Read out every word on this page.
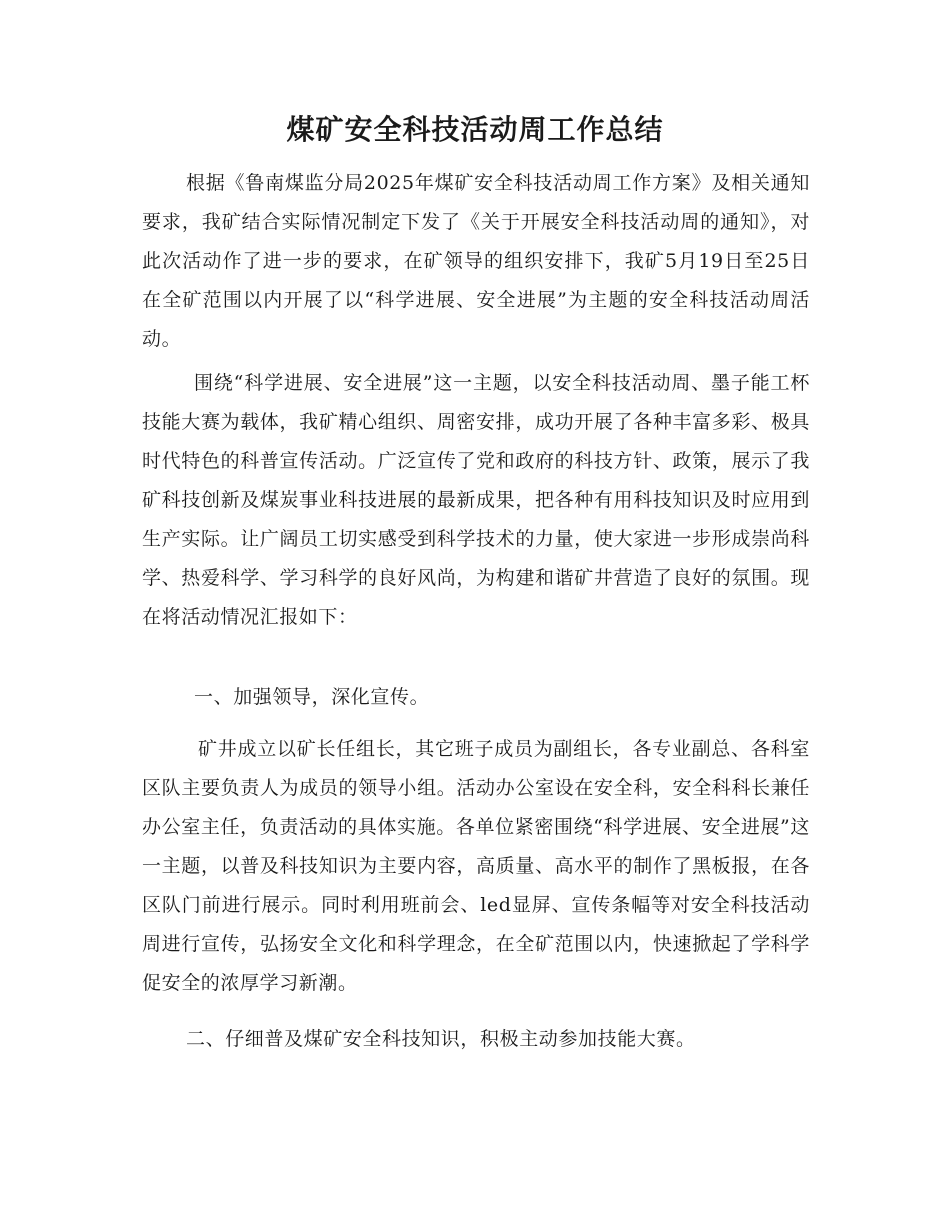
煤矿安全科技活动周工作总结

根据《鲁南煤监分局2025年煤矿安全科技活动周工作方案》及相关通知要求，我矿结合实际情况制定下发了《关于开展安全科技活动周的通知》，对此次活动作了进一步的要求，在矿领导的组织安排下，我矿5月19日至25日在全矿范围以内开展了以“科学进展、安全进展”为主题的安全科技活动周活动。

围绕“科学进展、安全进展”这一主题，以安全科技活动周、墨子能工杯技能大赛为载体，我矿精心组织、周密安排，成功开展了各种丰富多彩、极具时代特色的科普宣传活动。广泛宣传了党和政府的科技方针、政策，展示了我矿科技创新及煤炭事业科技进展的最新成果，把各种有用科技知识及时应用到生产实际。让广阔员工切实感受到科学技术的力量，使大家进一步形成崇尚科学、热爱科学、学习科学的良好风尚，为构建和谐矿井营造了良好的氛围。现在将活动情况汇报如下：

一、加强领导，深化宣传。

矿井成立以矿长任组长，其它班子成员为副组长，各专业副总、各科室区队主要负责人为成员的领导小组。活动办公室设在安全科，安全科科长兼任办公室主任，负责活动的具体实施。各单位紧密围绕“科学进展、安全进展”这一主题，以普及科技知识为主要内容，高质量、高水平的制作了黑板报，在各区队门前进行展示。同时利用班前会、led显屏、宣传条幅等对安全科技活动周进行宣传，弘扬安全文化和科学理念，在全矿范围以内，快速掀起了学科学促安全的浓厚学习新潮。

二、仔细普及煤矿安全科技知识，积极主动参加技能大赛。
